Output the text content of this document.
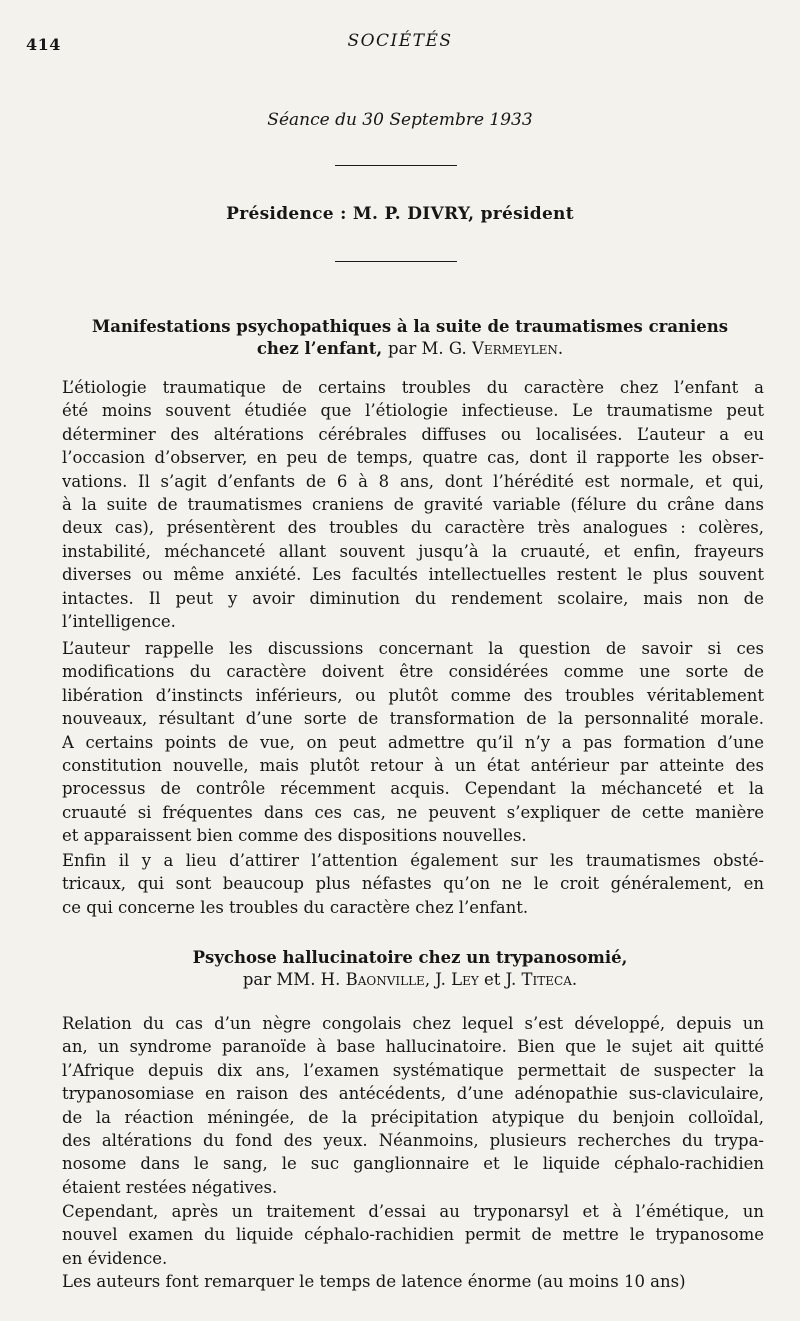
414	SOCIÉTÉS
Séance du 30 Septembre 1933
Présidence : M. P. DIVRY, président
Manifestations psychopathiques à la suite de traumatismes craniens
chez l’enfant, par M. G. Vermeylen.
L’étiologie traumatique de certains troubles du caractère chez l’enfant a
été moins souvent étudiée que l’étiologie infectieuse. Le traumatisme peut
déterminer des altérations cérébrales diffuses ou localisées. L’auteur a eu
l’occasion d’observer, en peu de temps, quatre cas, dont il rapporte les obser-
vations. Il s’agit d’enfants de 6 à 8 ans, dont l’hérédité est normale, et qui,
à la suite de traumatismes craniens de gravité variable (félure du crâne dans
deux cas), présentèrent des troubles du caractère très analogues : colères,
instabilité, méchanceté allant souvent jusqu’à la cruauté, et enfin, frayeurs
diverses ou même anxiété. Les facultés intellectuelles restent le plus souvent
intactes. Il peut y avoir diminution du rendement scolaire, mais non de
l’intelligence.
L’auteur rappelle les discussions concernant la question de savoir si ces
modifications du caractère doivent être considérées comme une sorte de
libération d’instincts inférieurs, ou plutôt comme des troubles véritablement
nouveaux, résultant d’une sorte de transformation de la personnalité morale.
A certains points de vue, on peut admettre qu’il n’y a pas formation d’une
constitution nouvelle, mais plutôt retour à un état antérieur par atteinte des
processus de contrôle récemment acquis. Cependant la méchanceté et la
cruauté si fréquentes dans ces cas, ne peuvent s’expliquer de cette manière
et apparaissent bien comme des dispositions nouvelles.
Enfin il y a lieu d’attirer l’attention également sur les traumatismes obsté-
tricaux, qui sont beaucoup plus néfastes qu’on ne le croit généralement, en
ce qui concerne les troubles du caractère chez l’enfant.
Psychose hallucinatoire chez un trypanosomié,
par MM. H. Baonville, J. Ley et J. Titeca.
Relation du cas d’un nègre congolais chez lequel s’est développé, depuis un
an, un syndrome paranoïde à base hallucinatoire. Bien que le sujet ait quitté
l’Afrique depuis dix ans, l’examen systématique permettait de suspecter la
trypanosomiase en raison des antécédents, d’une adénopathie sus-claviculaire,
de la réaction méningée, de la précipitation atypique du benjoin colloïdal,
des altérations du fond des yeux. Néanmoins, plusieurs recherches du trypa-
nosome dans le sang, le suc ganglionnaire et le liquide céphalo-rachidien
étaient restées négatives.
Cependant, après un traitement d’essai au tryponarsyl et à l’émétique, un
nouvel examen du liquide céphalo-rachidien permit de mettre le trypanosome
en évidence.
Les auteurs font remarquer le temps de latence énorme (au moins 10 ans)
